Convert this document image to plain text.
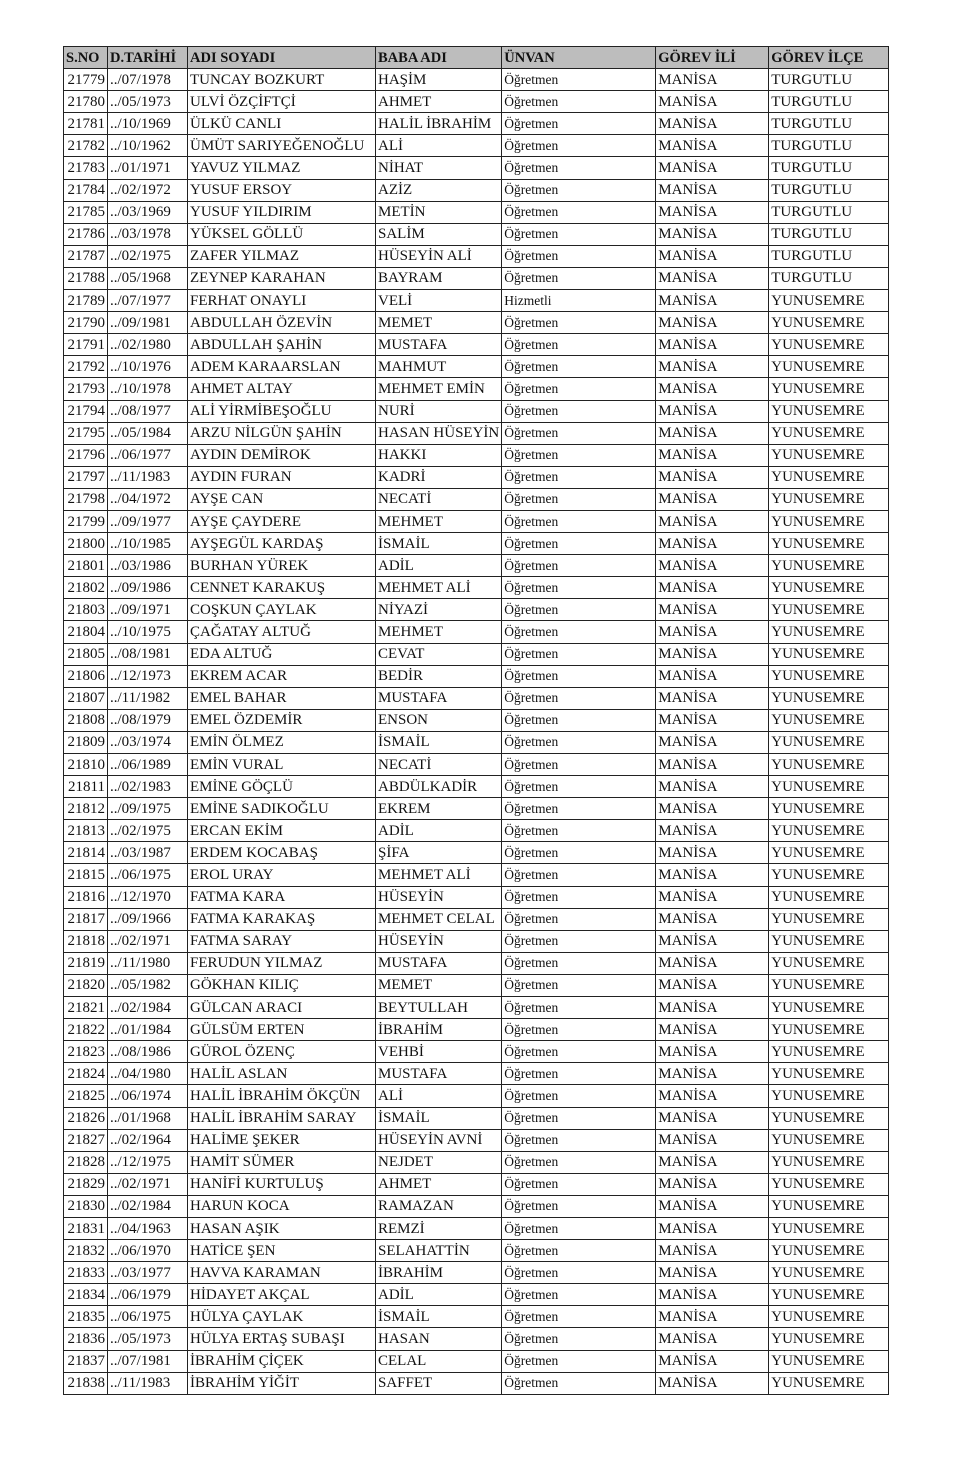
S.NO	D.TARİHİ	ADI SOYADI	BABA ADI	ÜNVAN	GÖREV İLİ	GÖREV İLÇE
21779	../07/1978	TUNCAY BOZKURT	HAŞİM	Öğretmen	MANİSA	TURGUTLU
21780	../05/1973	ULVİ ÖZÇİFTÇİ	AHMET	Öğretmen	MANİSA	TURGUTLU
21781	../10/1969	ÜLKÜ CANLI	HALİL İBRAHİM	Öğretmen	MANİSA	TURGUTLU
21782	../10/1962	ÜMÜT SARIYEĞENOĞLU	ALİ	Öğretmen	MANİSA	TURGUTLU
21783	../01/1971	YAVUZ YILMAZ	NİHAT	Öğretmen	MANİSA	TURGUTLU
21784	../02/1972	YUSUF ERSOY	AZİZ	Öğretmen	MANİSA	TURGUTLU
21785	../03/1969	YUSUF YILDIRIM	METİN	Öğretmen	MANİSA	TURGUTLU
21786	../03/1978	YÜKSEL GÖLLÜ	SALİM	Öğretmen	MANİSA	TURGUTLU
21787	../02/1975	ZAFER YILMAZ	HÜSEYİN ALİ	Öğretmen	MANİSA	TURGUTLU
21788	../05/1968	ZEYNEP KARAHAN	BAYRAM	Öğretmen	MANİSA	TURGUTLU
21789	../07/1977	FERHAT ONAYLI	VELİ	Hizmetli	MANİSA	YUNUSEMRE
21790	../09/1981	ABDULLAH ÖZEVİN	MEMET	Öğretmen	MANİSA	YUNUSEMRE
21791	../02/1980	ABDULLAH ŞAHİN	MUSTAFA	Öğretmen	MANİSA	YUNUSEMRE
21792	../10/1976	ADEM KARAARSLAN	MAHMUT	Öğretmen	MANİSA	YUNUSEMRE
21793	../10/1978	AHMET ALTAY	MEHMET EMİN	Öğretmen	MANİSA	YUNUSEMRE
21794	../08/1977	ALİ YİRMİBEŞOĞLU	NURİ	Öğretmen	MANİSA	YUNUSEMRE
21795	../05/1984	ARZU NİLGÜN ŞAHİN	HASAN HÜSEYİN	Öğretmen	MANİSA	YUNUSEMRE
21796	../06/1977	AYDIN DEMİROK	HAKKI	Öğretmen	MANİSA	YUNUSEMRE
21797	../11/1983	AYDIN FURAN	KADRİ	Öğretmen	MANİSA	YUNUSEMRE
21798	../04/1972	AYŞE CAN	NECATİ	Öğretmen	MANİSA	YUNUSEMRE
21799	../09/1977	AYŞE ÇAYDERE	MEHMET	Öğretmen	MANİSA	YUNUSEMRE
21800	../10/1985	AYŞEGÜL KARDAŞ	İSMAİL	Öğretmen	MANİSA	YUNUSEMRE
21801	../03/1986	BURHAN YÜREK	ADİL	Öğretmen	MANİSA	YUNUSEMRE
21802	../09/1986	CENNET KARAKUŞ	MEHMET ALİ	Öğretmen	MANİSA	YUNUSEMRE
21803	../09/1971	COŞKUN ÇAYLAK	NİYAZİ	Öğretmen	MANİSA	YUNUSEMRE
21804	../10/1975	ÇAĞATAY ALTUĞ	MEHMET	Öğretmen	MANİSA	YUNUSEMRE
21805	../08/1981	EDA ALTUĞ	CEVAT	Öğretmen	MANİSA	YUNUSEMRE
21806	../12/1973	EKREM ACAR	BEDİR	Öğretmen	MANİSA	YUNUSEMRE
21807	../11/1982	EMEL BAHAR	MUSTAFA	Öğretmen	MANİSA	YUNUSEMRE
21808	../08/1979	EMEL ÖZDEMİR	ENSON	Öğretmen	MANİSA	YUNUSEMRE
21809	../03/1974	EMİN ÖLMEZ	İSMAİL	Öğretmen	MANİSA	YUNUSEMRE
21810	../06/1989	EMİN VURAL	NECATİ	Öğretmen	MANİSA	YUNUSEMRE
21811	../02/1983	EMİNE GÖÇLÜ	ABDÜLKADİR	Öğretmen	MANİSA	YUNUSEMRE
21812	../09/1975	EMİNE SADIKOĞLU	EKREM	Öğretmen	MANİSA	YUNUSEMRE
21813	../02/1975	ERCAN EKİM	ADİL	Öğretmen	MANİSA	YUNUSEMRE
21814	../03/1987	ERDEM KOCABAŞ	ŞİFA	Öğretmen	MANİSA	YUNUSEMRE
21815	../06/1975	EROL URAY	MEHMET ALİ	Öğretmen	MANİSA	YUNUSEMRE
21816	../12/1970	FATMA KARA	HÜSEYİN	Öğretmen	MANİSA	YUNUSEMRE
21817	../09/1966	FATMA KARAKAŞ	MEHMET CELAL	Öğretmen	MANİSA	YUNUSEMRE
21818	../02/1971	FATMA SARAY	HÜSEYİN	Öğretmen	MANİSA	YUNUSEMRE
21819	../11/1980	FERUDUN YILMAZ	MUSTAFA	Öğretmen	MANİSA	YUNUSEMRE
21820	../05/1982	GÖKHAN KILIÇ	MEMET	Öğretmen	MANİSA	YUNUSEMRE
21821	../02/1984	GÜLCAN ARACI	BEYTULLAH	Öğretmen	MANİSA	YUNUSEMRE
21822	../01/1984	GÜLSÜM ERTEN	İBRAHİM	Öğretmen	MANİSA	YUNUSEMRE
21823	../08/1986	GÜROL ÖZENÇ	VEHBİ	Öğretmen	MANİSA	YUNUSEMRE
21824	../04/1980	HALİL ASLAN	MUSTAFA	Öğretmen	MANİSA	YUNUSEMRE
21825	../06/1974	HALİL İBRAHİM ÖKÇÜN	ALİ	Öğretmen	MANİSA	YUNUSEMRE
21826	../01/1968	HALİL İBRAHİM SARAY	İSMAİL	Öğretmen	MANİSA	YUNUSEMRE
21827	../02/1964	HALİME ŞEKER	HÜSEYİN AVNİ	Öğretmen	MANİSA	YUNUSEMRE
21828	../12/1975	HAMİT SÜMER	NEJDET	Öğretmen	MANİSA	YUNUSEMRE
21829	../02/1971	HANİFİ KURTULUŞ	AHMET	Öğretmen	MANİSA	YUNUSEMRE
21830	../02/1984	HARUN KOCA	RAMAZAN	Öğretmen	MANİSA	YUNUSEMRE
21831	../04/1963	HASAN AŞIK	REMZİ	Öğretmen	MANİSA	YUNUSEMRE
21832	../06/1970	HATİCE ŞEN	SELAHATTİN	Öğretmen	MANİSA	YUNUSEMRE
21833	../03/1977	HAVVA KARAMAN	İBRAHİM	Öğretmen	MANİSA	YUNUSEMRE
21834	../06/1979	HİDAYET AKÇAL	ADİL	Öğretmen	MANİSA	YUNUSEMRE
21835	../06/1975	HÜLYA ÇAYLAK	İSMAİL	Öğretmen	MANİSA	YUNUSEMRE
21836	../05/1973	HÜLYA ERTAŞ SUBAŞI	HASAN	Öğretmen	MANİSA	YUNUSEMRE
21837	../07/1981	İBRAHİM ÇİÇEK	CELAL	Öğretmen	MANİSA	YUNUSEMRE
21838	../11/1983	İBRAHİM YİĞİT	SAFFET	Öğretmen	MANİSA	YUNUSEMRE
